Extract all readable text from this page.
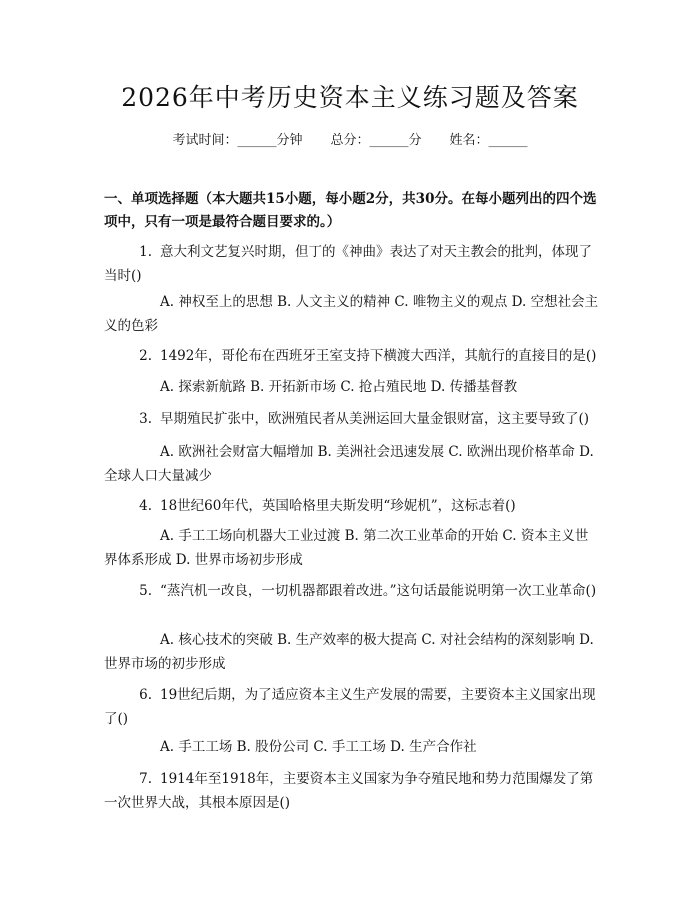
2026年中考历史资本主义练习题及答案
考试时间：______分钟 总分：______分 姓名：______
一、单项选择题（本大题共15小题，每小题2分，共30分。在每小题列出的四个选项中，只有一项是最符合题目要求的。）
1. 意大利文艺复兴时期，但丁的《神曲》表达了对天主教会的批判，体现了当时()
A. 神权至上的思想 B. 人文主义的精神 C. 唯物主义的观点 D. 空想社会主义的色彩
2. 1492年，哥伦布在西班牙王室支持下横渡大西洋，其航行的直接目的是()
A. 探索新航路 B. 开拓新市场 C. 抢占殖民地 D. 传播基督教
3. 早期殖民扩张中，欧洲殖民者从美洲运回大量金银财富，这主要导致了()
A. 欧洲社会财富大幅增加 B. 美洲社会迅速发展 C. 欧洲出现价格革命 D. 全球人口大量减少
4. 18世纪60年代，英国哈格里夫斯发明“珍妮机”，这标志着()
A. 手工工场向机器大工业过渡 B. 第二次工业革命的开始 C. 资本主义世界体系形成 D. 世界市场初步形成
5. “蒸汽机一改良，一切机器都跟着改进。”这句话最能说明第一次工业革命()
A. 核心技术的突破 B. 生产效率的极大提高 C. 对社会结构的深刻影响 D. 世界市场的初步形成
6. 19世纪后期，为了适应资本主义生产发展的需要，主要资本主义国家出现了()
A. 手工工场 B. 股份公司 C. 手工工场 D. 生产合作社
7. 1914年至1918年，主要资本主义国家为争夺殖民地和势力范围爆发了第一次世界大战，其根本原因是()
